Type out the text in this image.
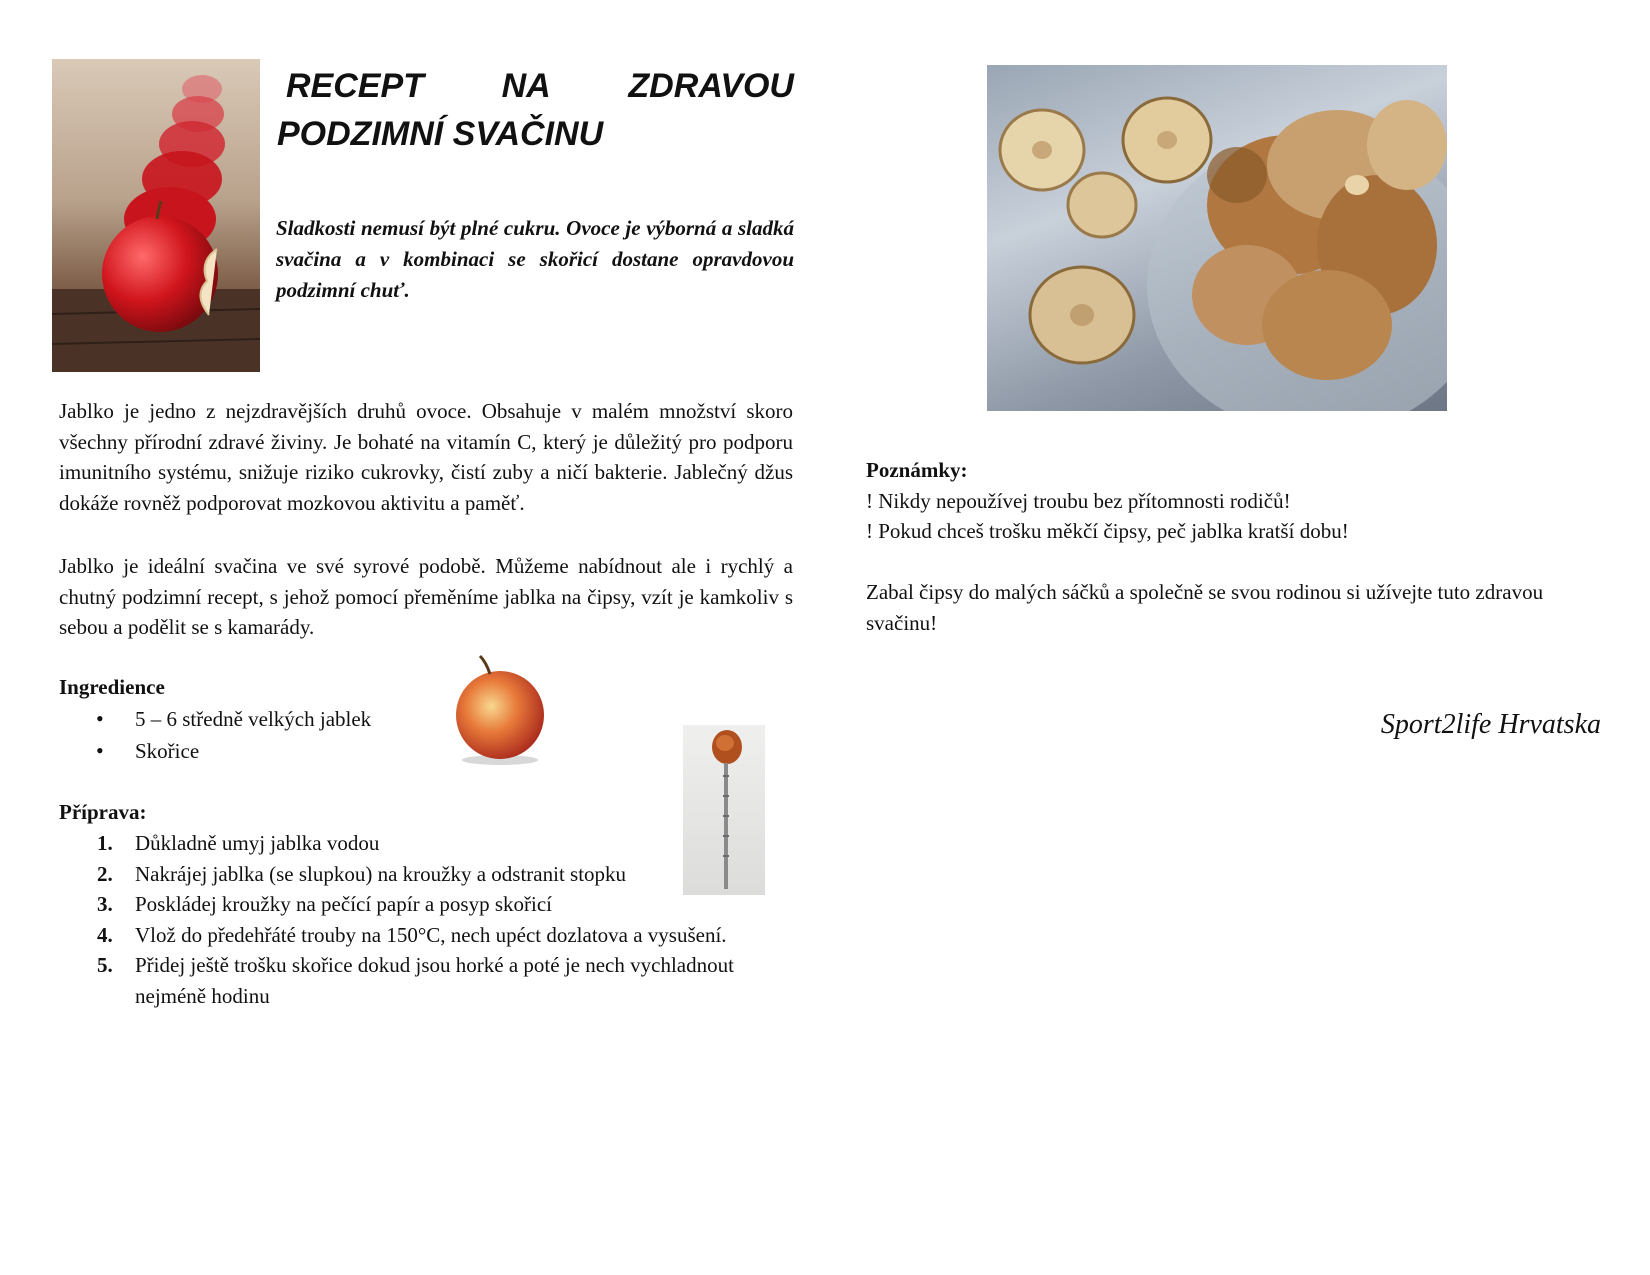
RECEPT NA ZDRAVOU
PODZIMNÍ SVAČINU

Sladkosti nemusí být plné cukru. Ovoce je výborná a sladká svačina a v kombinaci se skořicí dostane opravdovou podzimní chuť.

Jablko je jedno z nejzdravějších druhů ovoce. Obsahuje v malém množství skoro všechny přírodní zdravé živiny. Je bohaté na vitamín C, který je důležitý pro podporu imunitního systému, snižuje riziko cukrovky, čistí zuby a ničí bakterie. Jablečný džus dokáže rovněž podporovat mozkovou aktivitu a paměť.

Jablko je ideální svačina ve své syrové podobě. Můžeme nabídnout ale i rychlý a chutný podzimní recept, s jehož pomocí přeměníme jablka na čipsy, vzít je kamkoliv s sebou a podělit se s kamarády.

Ingredience

• 5 – 6 středně velkých jablek
• Skořice

Příprava:

1. Důkladně umyj jablka vodou
2. Nakrájej jablka (se slupkou) na kroužky a odstranit stopku
3. Poskládej kroužky na pečící papír a posyp skořicí
4. Vlož do předehřáté trouby na 150°C, nech upéct dozlatova a vysušení.
5. Přidej ještě trošku skořice dokud jsou horké a poté je nech vychladnout nejméně hodinu

Poznámky:

! Nikdy nepoužívej troubu bez přítomnosti rodičů!
! Pokud chceš trošku měkčí čipsy, peč jablka kratší dobu!

Zabal čipsy do malých sáčků a společně se svou rodinou si užívejte tuto zdravou svačinu!

Sport2life Hrvatska
